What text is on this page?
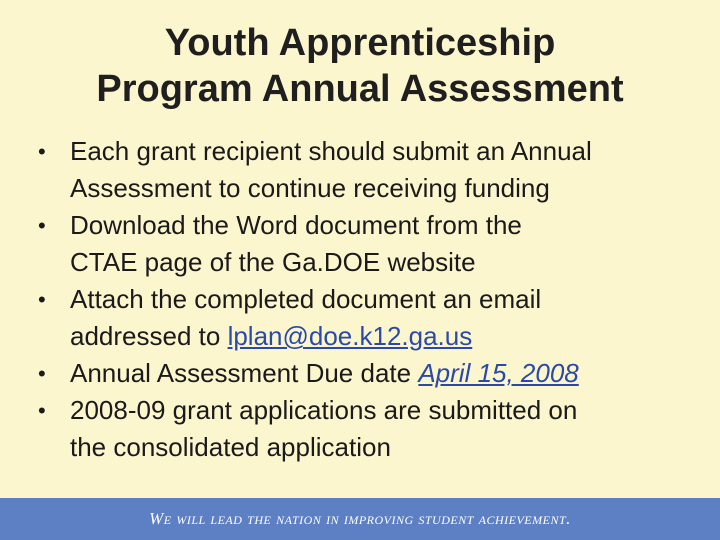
Youth Apprenticeship
Program Annual Assessment
• Each grant recipient should submit an Annual
Assessment to continue receiving funding
• Download the Word document from the
CTAE page of the Ga.DOE website
• Attach the completed document an email
addressed to lplan@doe.k12.ga.us
• Annual Assessment Due date April 15, 2008
• 2008-09 grant applications are submitted on
the consolidated application
We will lead the nation in improving student achievement.
